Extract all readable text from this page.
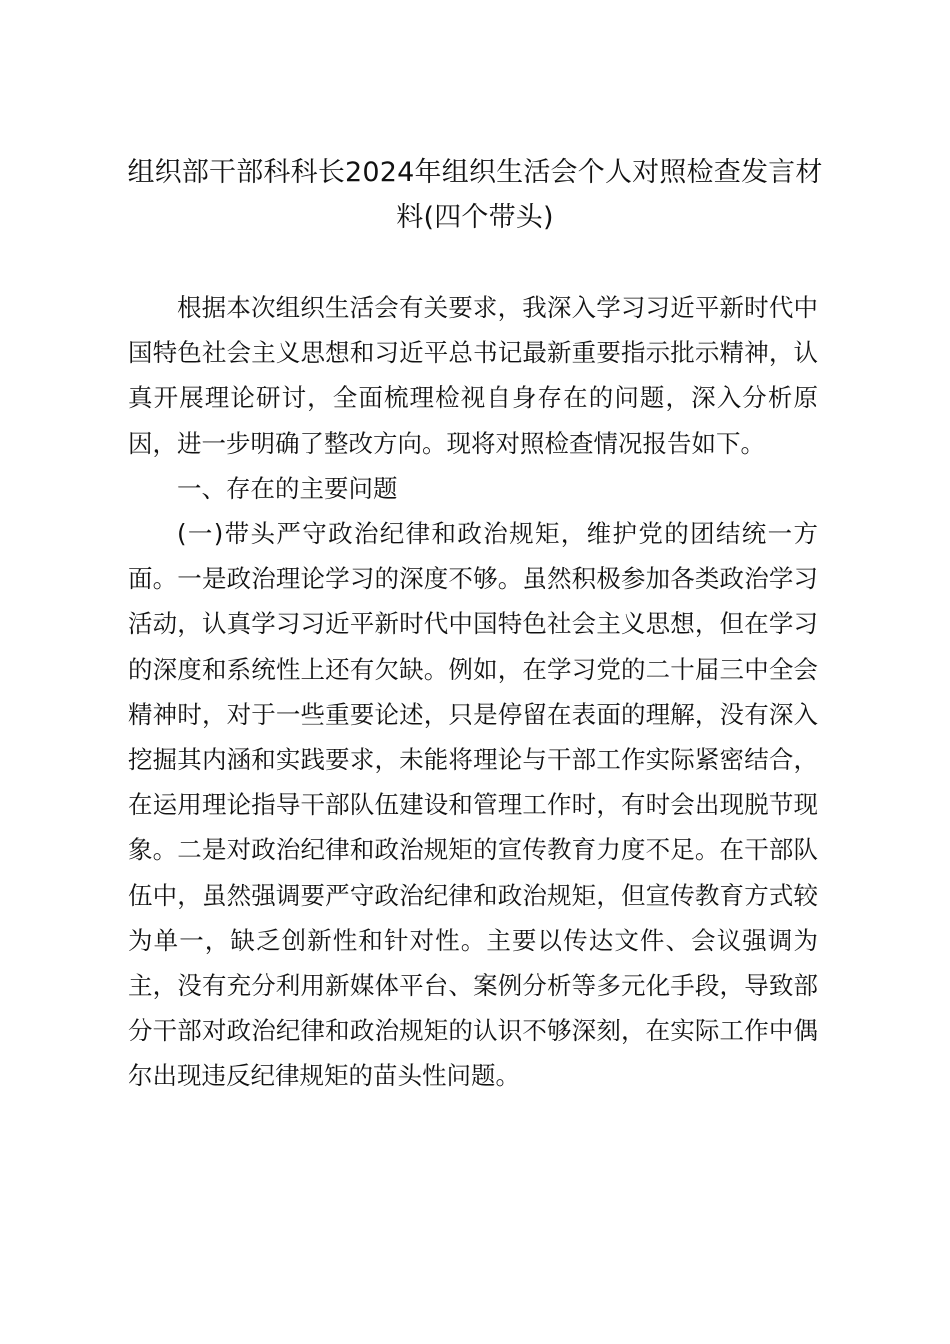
组织部干部科科长2024年组织生活会个人对照检查发言材料(四个带头)

根据本次组织生活会有关要求，我深入学习习近平新时代中国特色社会主义思想和习近平总书记最新重要指示批示精神，认真开展理论研讨，全面梳理检视自身存在的问题，深入分析原因，进一步明确了整改方向。现将对照检查情况报告如下。

一、存在的主要问题

(一)带头严守政治纪律和政治规矩，维护党的团结统一方面。一是政治理论学习的深度不够。虽然积极参加各类政治学习活动，认真学习习近平新时代中国特色社会主义思想，但在学习的深度和系统性上还有欠缺。例如，在学习党的二十届三中全会精神时，对于一些重要论述，只是停留在表面的理解，没有深入挖掘其内涵和实践要求，未能将理论与干部工作实际紧密结合，在运用理论指导干部队伍建设和管理工作时，有时会出现脱节现象。二是对政治纪律和政治规矩的宣传教育力度不足。在干部队伍中，虽然强调要严守政治纪律和政治规矩，但宣传教育方式较为单一，缺乏创新性和针对性。主要以传达文件、会议强调为主，没有充分利用新媒体平台、案例分析等多元化手段，导致部分干部对政治纪律和政治规矩的认识不够深刻，在实际工作中偶尔出现违反纪律规矩的苗头性问题。
